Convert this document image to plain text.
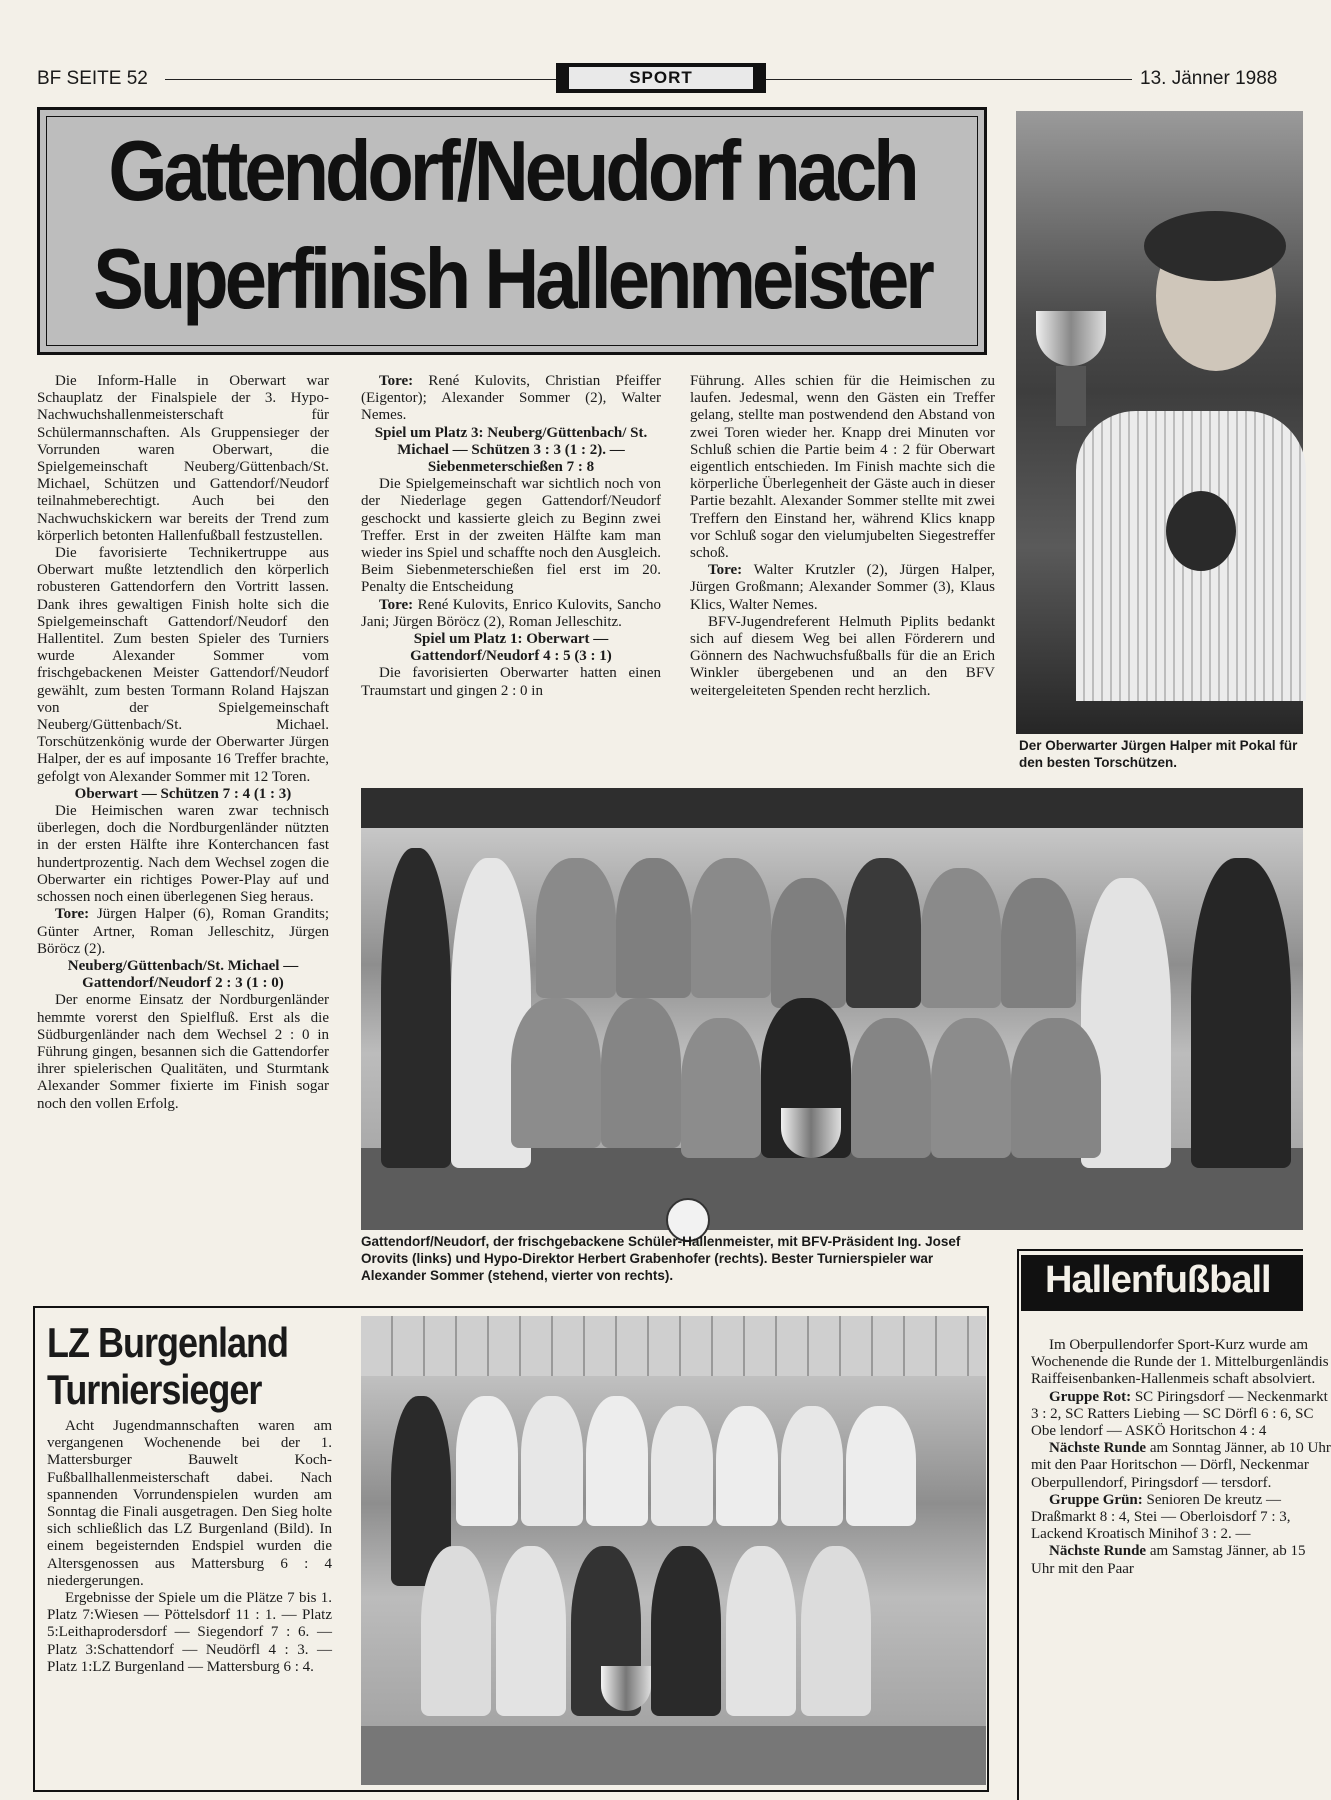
BF SEITE 52	SPORT	13. Jänner 1988
Gattendorf/Neudorf nach
Superfinish Hallenmeister
Der Oberwarter Jürgen Halper mit Pokal für den besten Torschützen.

Die Inform-Halle in Oberwart war Schauplatz der Finalspiele der 3. Hypo-Nachwuchshallenmeisterschaft für Schülermannschaften. Als Gruppensieger der Vorrunden waren Oberwart, die Spielgemeinschaft Neuberg/Güttenbach/St. Michael, Schützen und Gattendorf/Neudorf teilnahmeberechtigt. Auch bei den Nachwuchskickern war bereits der Trend zum körperlich betonten Hallenfußball festzustellen.

Die favorisierte Technikertruppe aus Oberwart mußte letztendlich den körperlich robusteren Gattendorfern den Vortritt lassen. Dank ihres gewaltigen Finish holte sich die Spielgemeinschaft Gattendorf/Neudorf den Hallentitel. Zum besten Spieler des Turniers wurde Alexander Sommer vom frischgebackenen Meister Gattendorf/Neudorf gewählt, zum besten Tormann Roland Hajszan von der Spielgemeinschaft Neuberg/Güttenbach/St. Michael. Torschützenkönig wurde der Oberwarter Jürgen Halper, der es auf imposante 16 Treffer brachte, gefolgt von Alexander Sommer mit 12 Toren.

Oberwart — Schützen 7 : 4 (1 : 3)

Die Heimischen waren zwar technisch überlegen, doch die Nordburgenländer nützten in der ersten Hälfte ihre Konterchancen fast hundertprozentig. Nach dem Wechsel zogen die Oberwarter ein richtiges Power-Play auf und schossen noch einen überlegenen Sieg heraus.

Tore: Jürgen Halper (6), Roman Grandits; Günter Artner, Roman Jelleschitz, Jürgen Böröcz (2).

Neuberg/Güttenbach/St. Michael — Gattendorf/Neudorf 2 : 3 (1 : 0)

Der enorme Einsatz der Nordburgenländer hemmte vorerst den Spielfluß. Erst als die Südburgenländer nach dem Wechsel 2 : 0 in Führung gingen, besannen sich die Gattendorfer ihrer spielerischen Qualitäten, und Sturmtank Alexander Sommer fixierte im Finish sogar noch den vollen Erfolg.

Tore: René Kulovits, Christian Pfeiffer (Eigentor); Alexander Sommer (2), Walter Nemes.

Spiel um Platz 3: Neuberg/Güttenbach/ St. Michael — Schützen 3 : 3 (1 : 2). — Siebenmeterschießen 7 : 8

Die Spielgemeinschaft war sichtlich noch von der Niederlage gegen Gattendorf/Neudorf geschockt und kassierte gleich zu Beginn zwei Treffer. Erst in der zweiten Hälfte kam man wieder ins Spiel und schaffte noch den Ausgleich. Beim Siebenmeterschießen fiel erst im 20. Penalty die Entscheidung

Tore: René Kulovits, Enrico Kulovits, Sancho Jani; Jürgen Böröcz (2), Roman Jelleschitz.

Spiel um Platz 1: Oberwart — Gattendorf/Neudorf 4 : 5 (3 : 1)

Die favorisierten Oberwarter hatten einen Traumstart und gingen 2 : 0 in

Führung. Alles schien für die Heimischen zu laufen. Jedesmal, wenn den Gästen ein Treffer gelang, stellte man postwendend den Abstand von zwei Toren wieder her. Knapp drei Minuten vor Schluß schien die Partie beim 4 : 2 für Oberwart eigentlich entschieden. Im Finish machte sich die körperliche Überlegenheit der Gäste auch in dieser Partie bezahlt. Alexander Sommer stellte mit zwei Treffern den Einstand her, während Klics knapp vor Schluß sogar den vielumjubelten Siegestreffer schoß.

Tore: Walter Krutzler (2), Jürgen Halper, Jürgen Großmann; Alexander Sommer (3), Klaus Klics, Walter Nemes.

BFV-Jugendreferent Helmuth Piplits bedankt sich auf diesem Weg bei allen Förderern und Gönnern des Nachwuchsfußballs für die an Erich Winkler übergebenen und an den BFV weitergeleiteten Spenden recht herzlich.

Gattendorf/Neudorf, der frischgebackene Schüler-Hallenmeister, mit BFV-Präsident Ing. Josef Orovits (links) und Hypo-Direktor Herbert Grabenhofer (rechts). Bester Turnierspieler war Alexander Sommer (stehend, vierter von rechts).
LZ Burgenland
Turniersieger

Acht Jugendmannschaften waren am vergangenen Wochenende bei der 1. Mattersburger Bauwelt Koch-Fußballhallenmeisterschaft dabei. Nach spannenden Vorrundenspielen wurden am Sonntag die Finali ausgetragen. Den Sieg holte sich schließlich das LZ Burgenland (Bild). In einem begeisternden Endspiel wurden die Altersgenossen aus Mattersburg 6 : 4 niedergerungen.

Ergebnisse der Spiele um die Plätze 7 bis 1. Platz 7:Wiesen — Pöttelsdorf 11 : 1. — Platz 5:Leithaprodersdorf — Siegendorf 7 : 6. — Platz 3:Schattendorf — Neudörfl 4 : 3. — Platz 1:LZ Burgenland — Mattersburg 6 : 4.

Hallenfußball

Im Oberpullendorfer Sport-Kurz wurde am Wochenende die Runde der 1. Mittelburgenländis Raiffeisenbanken-Hallenmeis schaft absolviert.

Gruppe Rot: SC Piringsdorf — Neckenmarkt 3 : 2, SC Ratters Liebing — SC Dörfl 6 : 6, SC Obe lendorf — ASKÖ Horitschon 4 : 4

Nächste Runde am Sonntag Jänner, ab 10 Uhr mit den Paar Horitschon — Dörfl, Neckenmar Oberpullendorf, Piringsdorf — tersdorf.

Gruppe Grün: Senioren De kreutz — Draßmarkt 8 : 4, Stei — Oberloisdorf 7 : 3, Lackend Kroatisch Minihof 3 : 2. —

Nächste Runde am Samstag Jänner, ab 15 Uhr mit den Paar
